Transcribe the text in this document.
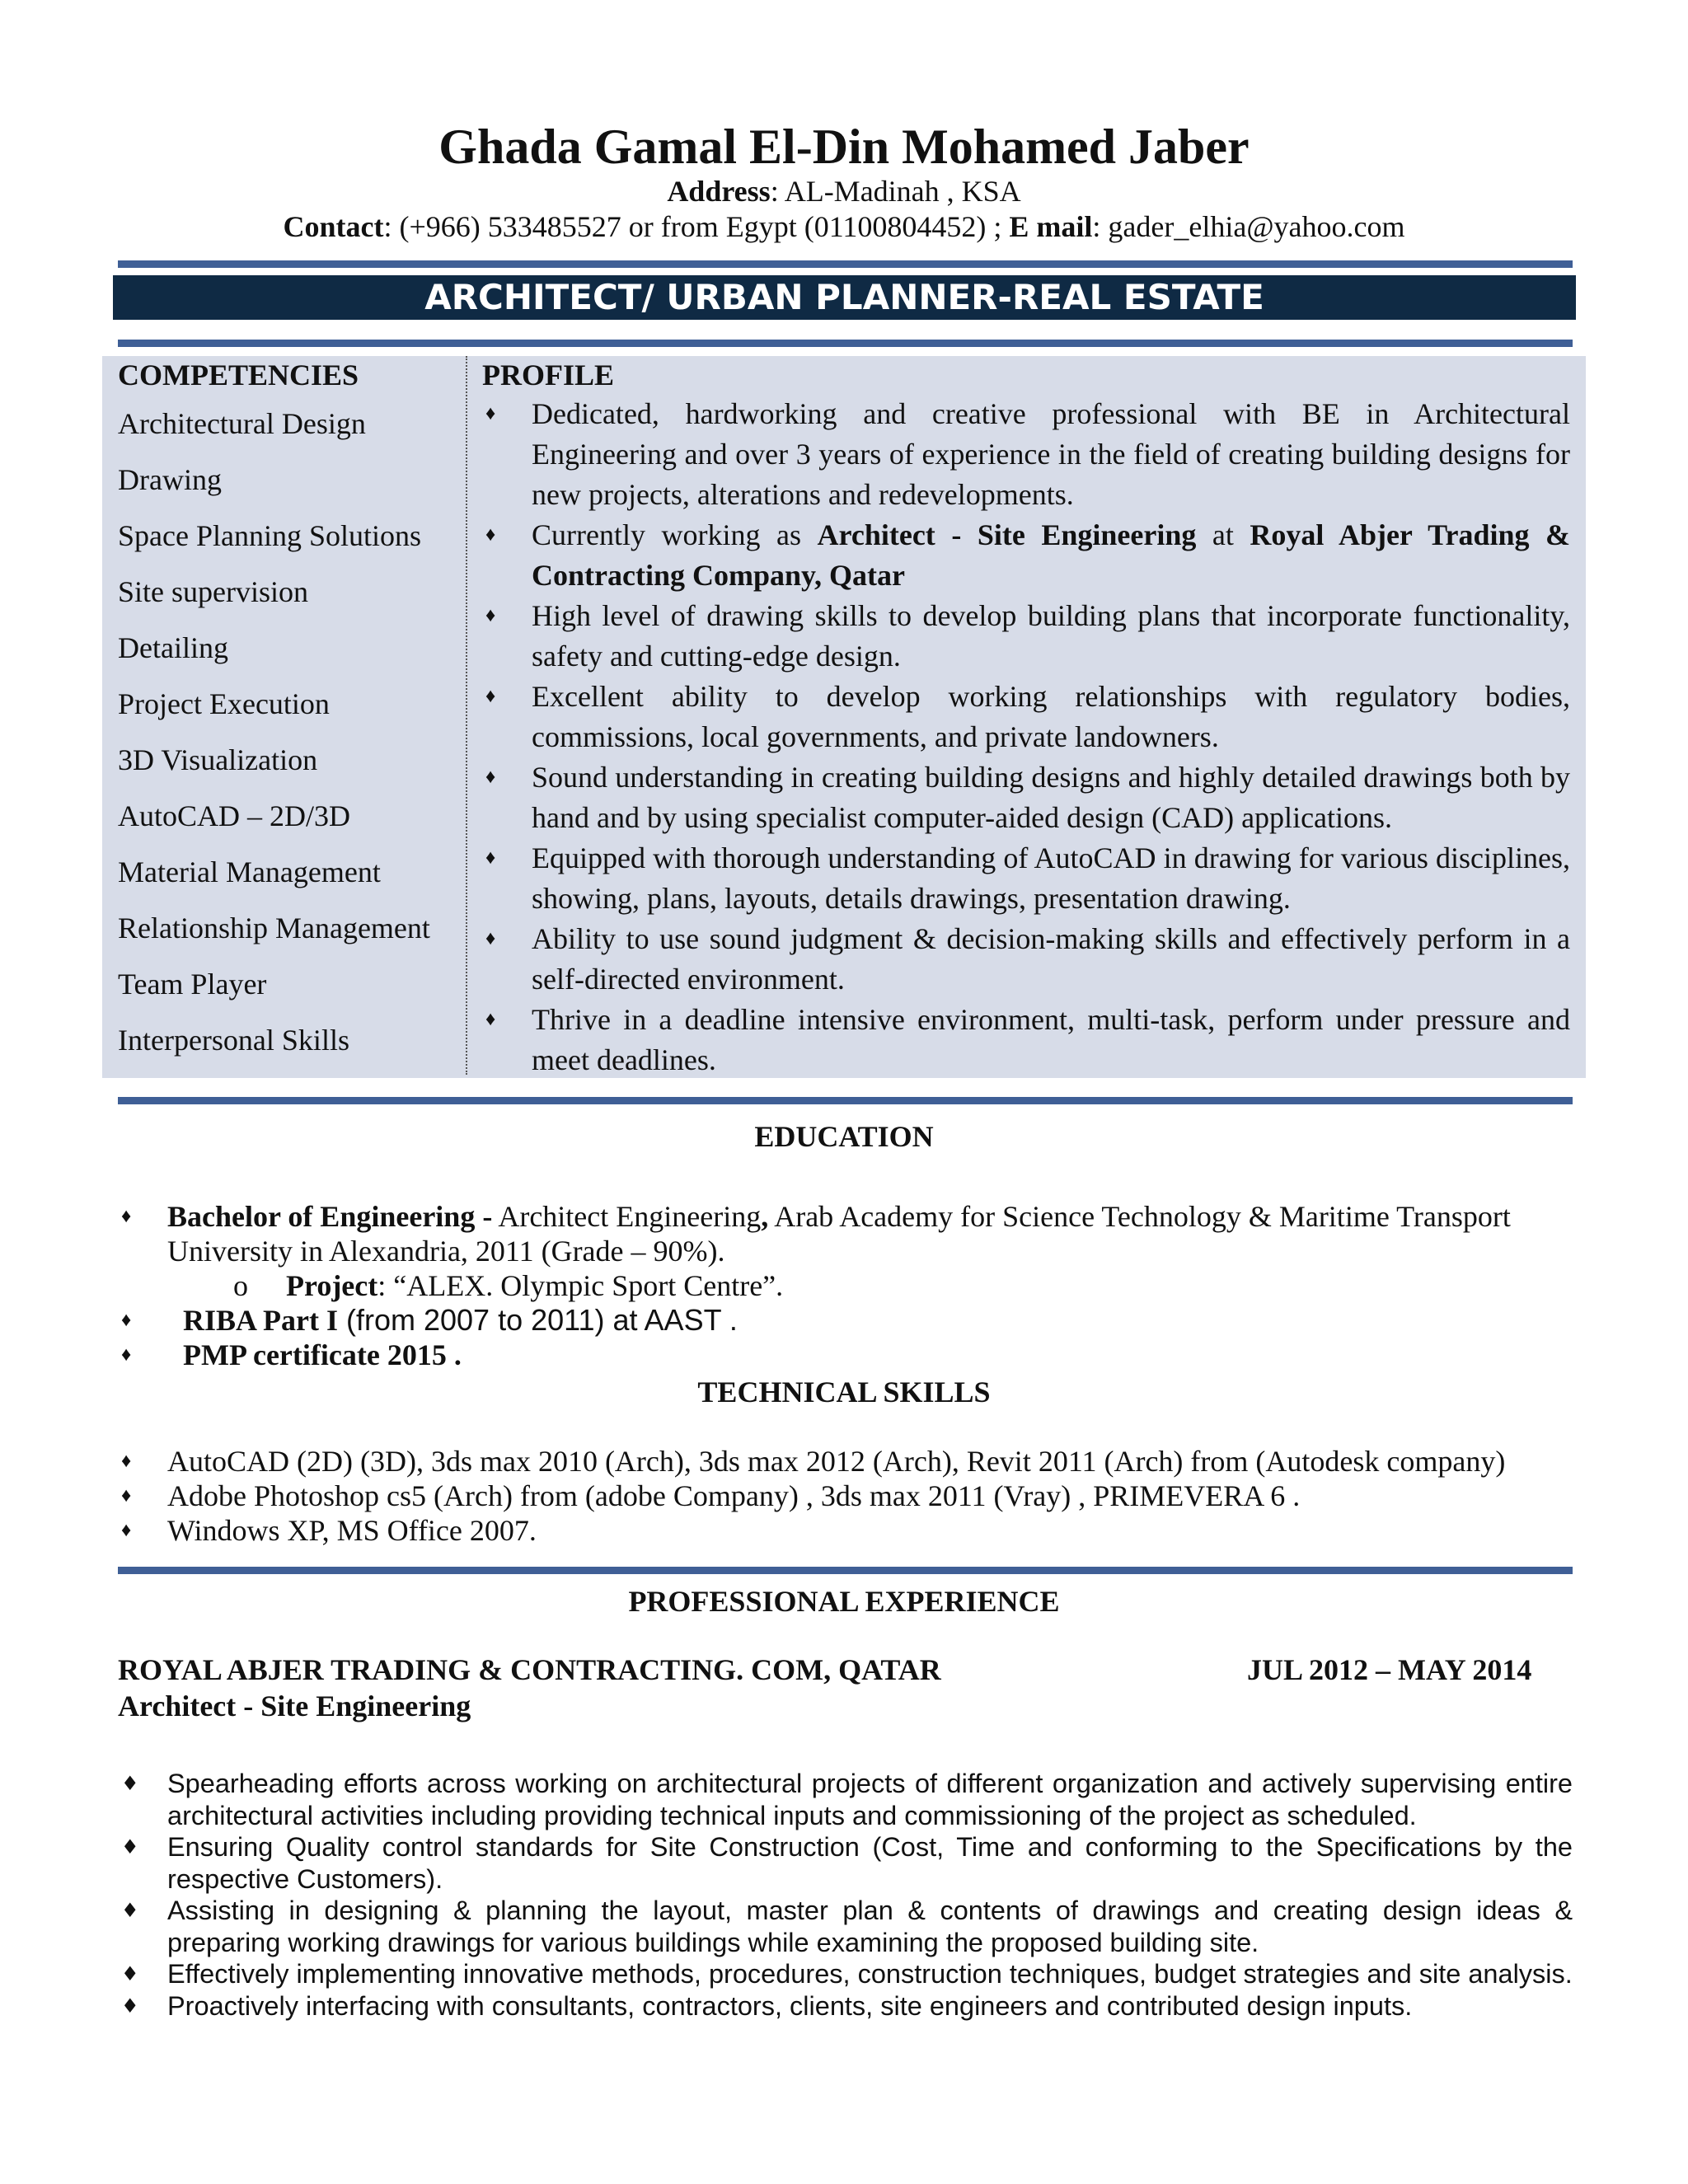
Ghada Gamal El-Din Mohamed Jaber
Address: AL-Madinah , KSA
Contact: (+966) 533485527 or from Egypt (01100804452) ; E mail: gader_elhia@yahoo.com
ARCHITECT/ URBAN PLANNER-REAL ESTATE
COMPETENCIES
Architectural Design
Drawing
Space Planning Solutions
Site supervision
Detailing
Project Execution
3D Visualization
AutoCAD – 2D/3D
Material Management
Relationship Management
Team Player
Interpersonal Skills
PROFILE
♦ Dedicated, hardworking and creative professional with BE in Architectural Engineering and over 3 years of experience in the field of creating building designs for new projects, alterations and redevelopments.
♦ Currently working as Architect - Site Engineering at Royal Abjer Trading & Contracting Company, Qatar
♦ High level of drawing skills to develop building plans that incorporate functionality, safety and cutting-edge design.
♦ Excellent ability to develop working relationships with regulatory bodies, commissions, local governments, and private landowners.
♦ Sound understanding in creating building designs and highly detailed drawings both by hand and by using specialist computer-aided design (CAD) applications.
♦ Equipped with thorough understanding of AutoCAD in drawing for various disciplines, showing, plans, layouts, details drawings, presentation drawing.
♦ Ability to use sound judgment & decision-making skills and effectively perform in a self-directed environment.
♦ Thrive in a deadline intensive environment, multi-task, perform under pressure and meet deadlines.
EDUCATION
♦ Bachelor of Engineering - Architect Engineering, Arab Academy for Science Technology & Maritime Transport University in Alexandria, 2011 (Grade – 90%).
o Project: “ALEX. Olympic Sport Centre”.
♦ RIBA Part I (from 2007 to 2011) at AAST .
♦ PMP certificate 2015 .
TECHNICAL SKILLS
♦ AutoCAD (2D) (3D), 3ds max 2010 (Arch), 3ds max 2012 (Arch), Revit 2011 (Arch) from (Autodesk company)
♦ Adobe Photoshop cs5 (Arch) from (adobe Company) , 3ds max 2011 (Vray) , PRIMEVERA 6 .
♦ Windows XP, MS Office 2007.
PROFESSIONAL EXPERIENCE
ROYAL ABJER TRADING & CONTRACTING. COM, QATAR	JUL 2012 – MAY 2014
Architect - Site Engineering
♦ Spearheading efforts across working on architectural projects of different organization and actively supervising entire architectural activities including providing technical inputs and commissioning of the project as scheduled.
♦ Ensuring Quality control standards for Site Construction (Cost, Time and conforming to the Specifications by the respective Customers).
♦ Assisting in designing & planning the layout, master plan & contents of drawings and creating design ideas & preparing working drawings for various buildings while examining the proposed building site.
♦ Effectively implementing innovative methods, procedures, construction techniques, budget strategies and site analysis.
♦ Proactively interfacing with consultants, contractors, clients, site engineers and contributed design inputs.
